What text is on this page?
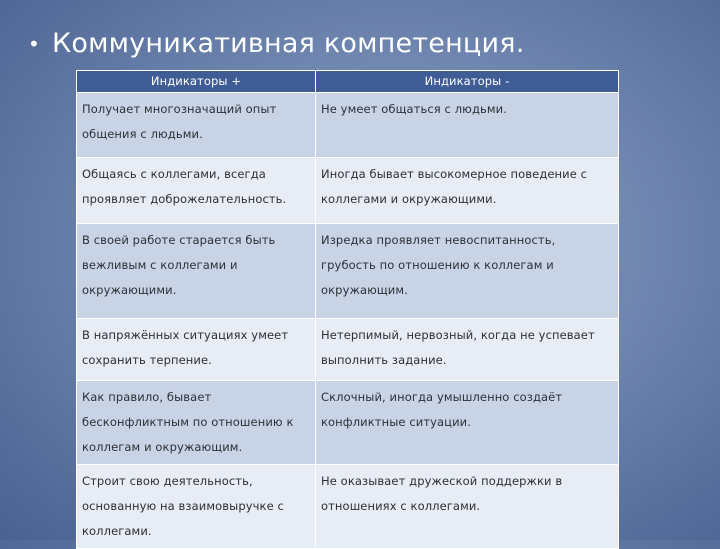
• Коммуникативная компетенция.
Индикаторы +	Индикаторы -
Получает многозначащий опыт общения с людьми.	Не умеет общаться с людьми.
Общаясь с коллегами, всегда проявляет доброжелательность.	Иногда бывает высокомерное поведение с коллегами и окружающими.
В своей работе старается быть вежливым с коллегами и окружающими.	Изредка проявляет невоспитанность, грубость по отношению к коллегам и окружающим.
В напряжённых ситуациях умеет сохранить терпение.	Нетерпимый, нервозный, когда не успевает выполнить задание.
Как правило, бывает бесконфликтным по отношению к коллегам и окружающим.	Склочный, иногда умышленно создаёт конфликтные ситуации.
Строит свою деятельность, основанную на взаимовыручке с коллегами.	Не оказывает дружеской поддержки в отношениях с коллегами.
